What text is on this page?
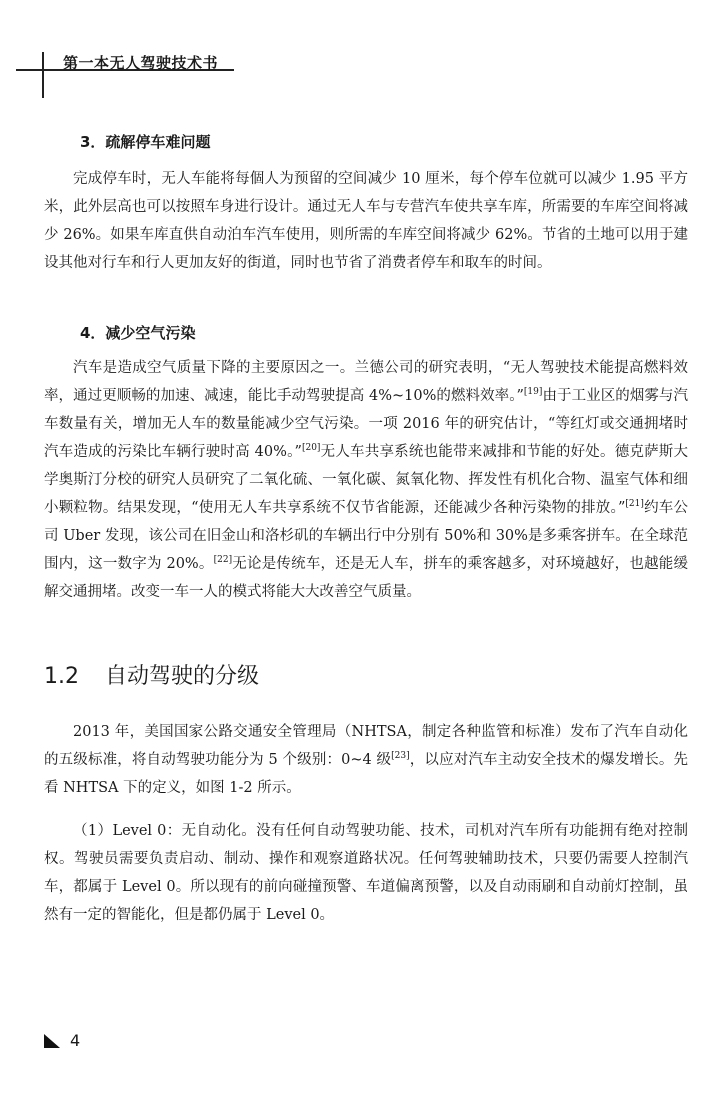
第一本无人驾驶技术书
3．疏解停车难问题

完成停车时，无人车能将每個人为预留的空间减少 10 厘米，每个停车位就可以减少 1.95 平方米，此外层高也可以按照车身进行设计。通过无人车与专营汽车使共享车库，所需要的车库空间将减少 26%。如果车库直供自动泊车汽车使用，则所需的车库空间将减少 62%。节省的土地可以用于建设其他对行车和行人更加友好的街道，同时也节省了消费者停车和取车的时间。

4．减少空气污染

汽车是造成空气质量下降的主要原因之一。兰德公司的研究表明，“无人驾驶技术能提高燃料效率，通过更顺畅的加速、减速，能比手动驾驶提高 4%~10%的燃料效率。”[19]由于工业区的烟雾与汽车数量有关，增加无人车的数量能减少空气污染。一项 2016 年的研究估计，“等红灯或交通拥堵时汽车造成的污染比车辆行驶时高 40%。”[20]无人车共享系统也能带来减排和节能的好处。德克萨斯大学奥斯汀分校的研究人员研究了二氧化硫、一氧化碳、氮氧化物、挥发性有机化合物、温室气体和细小颗粒物。结果发现，“使用无人车共享系统不仅节省能源，还能减少各种污染物的排放。”[21]约车公司 Uber 发现，该公司在旧金山和洛杉矶的车辆出行中分别有 50%和 30%是多乘客拼车。在全球范围内，这一数字为 20%。[22]无论是传统车，还是无人车，拼车的乘客越多，对环境越好，也越能缓解交通拥堵。改变一车一人的模式将能大大改善空气质量。

1.2 自动驾驶的分级

2013 年，美国国家公路交通安全管理局（NHTSA，制定各种监管和标准）发布了汽车自动化的五级标准，将自动驾驶功能分为 5 个级别：0~4 级[23]，以应对汽车主动安全技术的爆发增长。先看 NHTSA 下的定义，如图 1-2 所示。

（1）Level 0：无自动化。没有任何自动驾驶功能、技术，司机对汽车所有功能拥有绝对控制权。驾驶员需要负责启动、制动、操作和观察道路状况。任何驾驶辅助技术，只要仍需要人控制汽车，都属于 Level 0。所以现有的前向碰撞预警、车道偏离预警，以及自动雨刷和自动前灯控制，虽然有一定的智能化，但是都仍属于 Level 0。

4
